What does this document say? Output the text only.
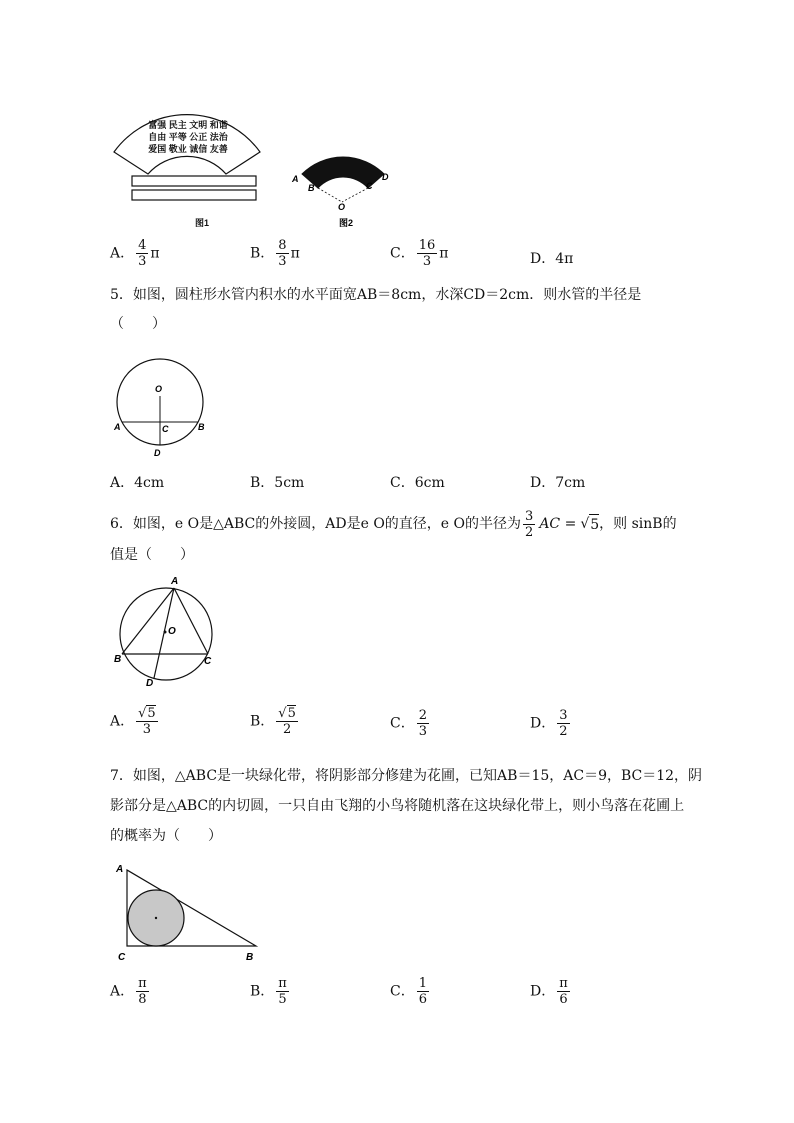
富强 民主 文明 和谐
自由 平等 公正 法治
爱国 敬业 诚信 友善
图1
A
B	C
D
O
图2
A． $\frac{4}{3}$ π	B． $\frac{8}{3}$ π	C． $\frac{16}{3}$ π	D．4π
5．如图，圆柱形水管内积水的水平面宽AB＝8cm，水深CD＝2cm．则水管的半径是
（　　）
O
A	B
C
D
A．4cm	B．5cm	C．6cm	D．7cm
6．如图，e O是△ABC的外接圆，AD是e O的直径，e O的半径为 $\frac{3}{2}$ AC = √ 5 ，则 sinB的
值是（　　）
A
B	C
D
O
A． $\frac{√5}{3}$	B． $\frac{√5}{2}$	C． $\frac{2}{3}$	D． $\frac{3}{2}$
7．如图，△ABC是一块绿化带，将阴影部分修建为花圃，已知AB＝15，AC＝9，BC＝12，阴
影部分是△ABC的内切圆，一只自由飞翔的小鸟将随机落在这块绿化带上，则小鸟落在花圃上
的概率为（　　）
A
C	B
A． $\frac{\pi}{8}$	B． $\frac{\pi}{5}$	C． $\frac{1}{6}$	D． $\frac{\pi}{6}$
